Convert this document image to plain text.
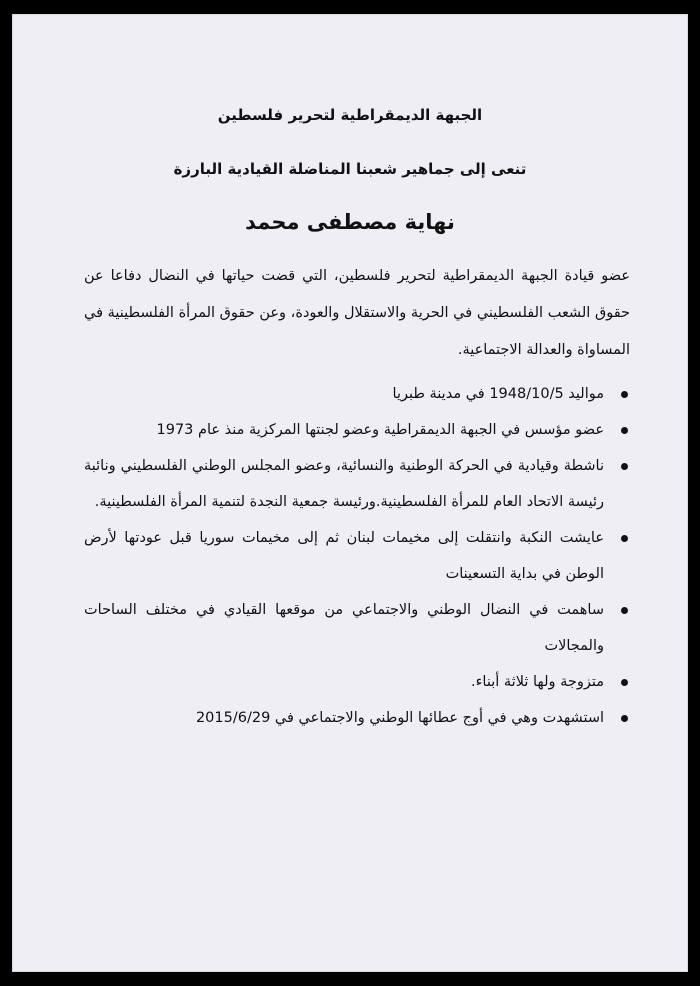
الجبهة الديمقراطية لتحرير فلسطين
تنعى إلى جماهير شعبنا المناضلة القيادية البارزة
نهاية مصطفى محمد

عضو قيادة الجبهة الديمقراطية لتحرير فلسطين، التي قضت حياتها في النضال دفاعا عن حقوق الشعب الفلسطيني في الحرية والاستقلال والعودة، وعن حقوق المرأة الفلسطينية في المساواة والعدالة الاجتماعية.

مواليد 1948/10/5 في مدينة طبريا
عضو مؤسس في الجبهة الديمقراطية وعضو لجنتها المركزية منذ عام 1973
ناشطة وقيادية في الحركة الوطنية والنسائية، وعضو المجلس الوطني الفلسطيني ونائبة رئيسة الاتحاد العام للمرأة الفلسطينية.ورئيسة جمعية النجدة لتنمية المرأة الفلسطينية.
عايشت النكبة وانتقلت إلى مخيمات لبنان ثم إلى مخيمات سوريا قبل عودتها لأرض الوطن في بداية التسعينات
ساهمت في النضال الوطني والاجتماعي من موقعها القيادي في مختلف الساحات والمجالات
متزوجة ولها ثلاثة أبناء.
استشهدت وهي في أوج عطائها الوطني والاجتماعي في 2015/6/29
